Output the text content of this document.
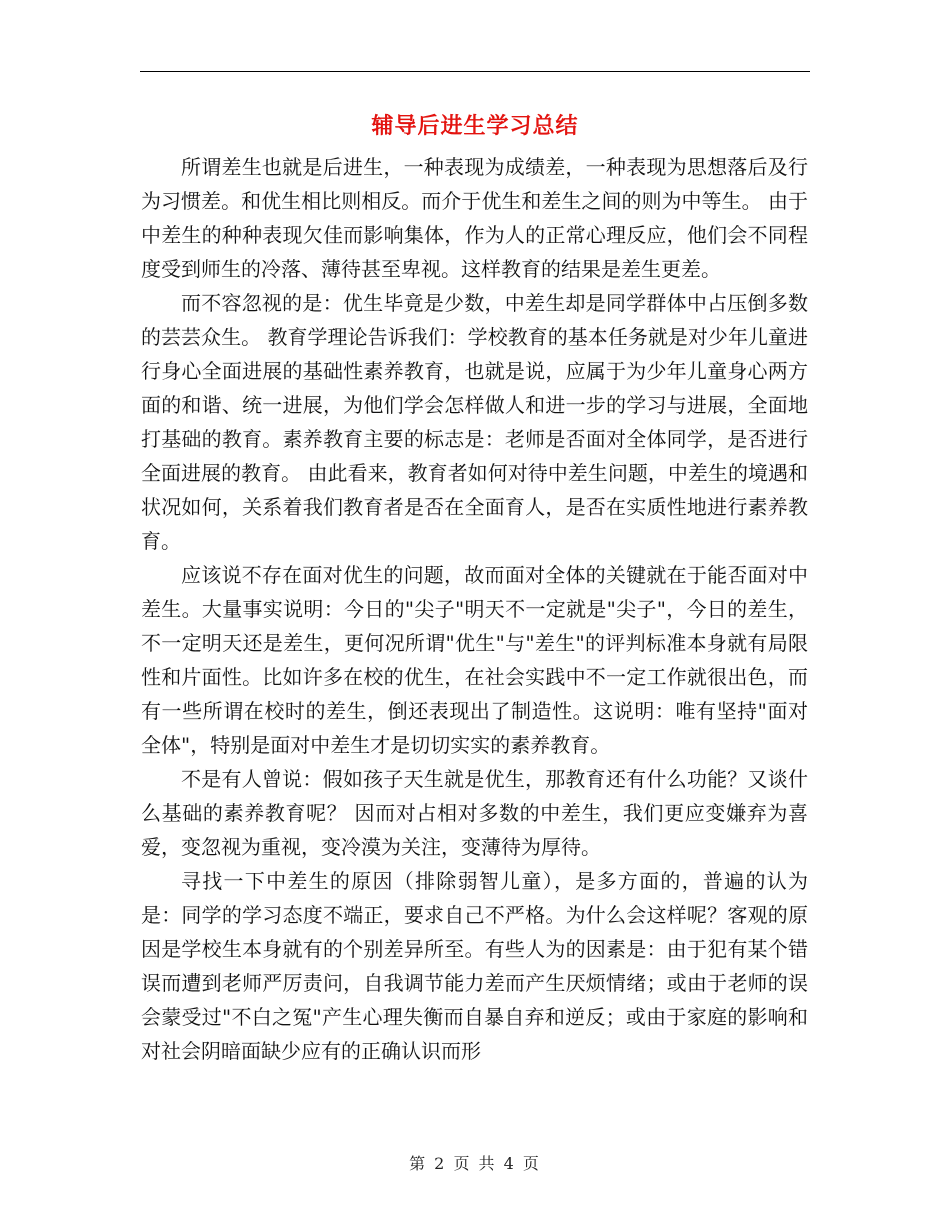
辅导后进生学习总结

所谓差生也就是后进生，一种表现为成绩差，一种表现为思想落后及行为习惯差。和优生相比则相反。而介于优生和差生之间的则为中等生。 由于中差生的种种表现欠佳而影响集体，作为人的正常心理反应，他们会不同程度受到师生的冷落、薄待甚至卑视。这样教育的结果是差生更差。

而不容忽视的是：优生毕竟是少数，中差生却是同学群体中占压倒多数的芸芸众生。 教育学理论告诉我们：学校教育的基本任务就是对少年儿童进行身心全面进展的基础性素养教育，也就是说，应属于为少年儿童身心两方面的和谐、统一进展，为他们学会怎样做人和进一步的学习与进展，全面地打基础的教育。素养教育主要的标志是：老师是否面对全体同学，是否进行全面进展的教育。 由此看来，教育者如何对待中差生问题，中差生的境遇和状况如何，关系着我们教育者是否在全面育人，是否在实质性地进行素养教育。

应该说不存在面对优生的问题，故而面对全体的关键就在于能否面对中差生。大量事实说明：今日的"尖子"明天不一定就是"尖子"，今日的差生，不一定明天还是差生，更何况所谓"优生"与"差生"的评判标准本身就有局限性和片面性。比如许多在校的优生，在社会实践中不一定工作就很出色，而有一些所谓在校时的差生，倒还表现出了制造性。这说明：唯有坚持"面对全体"，特别是面对中差生才是切切实实的素养教育。

不是有人曾说：假如孩子天生就是优生，那教育还有什么功能？又谈什么基础的素养教育呢？ 因而对占相对多数的中差生，我们更应变嫌弃为喜爱，变忽视为重视，变冷漠为关注，变薄待为厚待。

寻找一下中差生的原因（排除弱智儿童），是多方面的，普遍的认为是：同学的学习态度不端正，要求自己不严格。为什么会这样呢？客观的原因是学校生本身就有的个别差异所至。有些人为的因素是：由于犯有某个错误而遭到老师严厉责问，自我调节能力差而产生厌烦情绪；或由于老师的误会蒙受过"不白之冤"产生心理失衡而自暴自弃和逆反；或由于家庭的影响和对社会阴暗面缺少应有的正确认识而形

第 2 页 共 4 页
